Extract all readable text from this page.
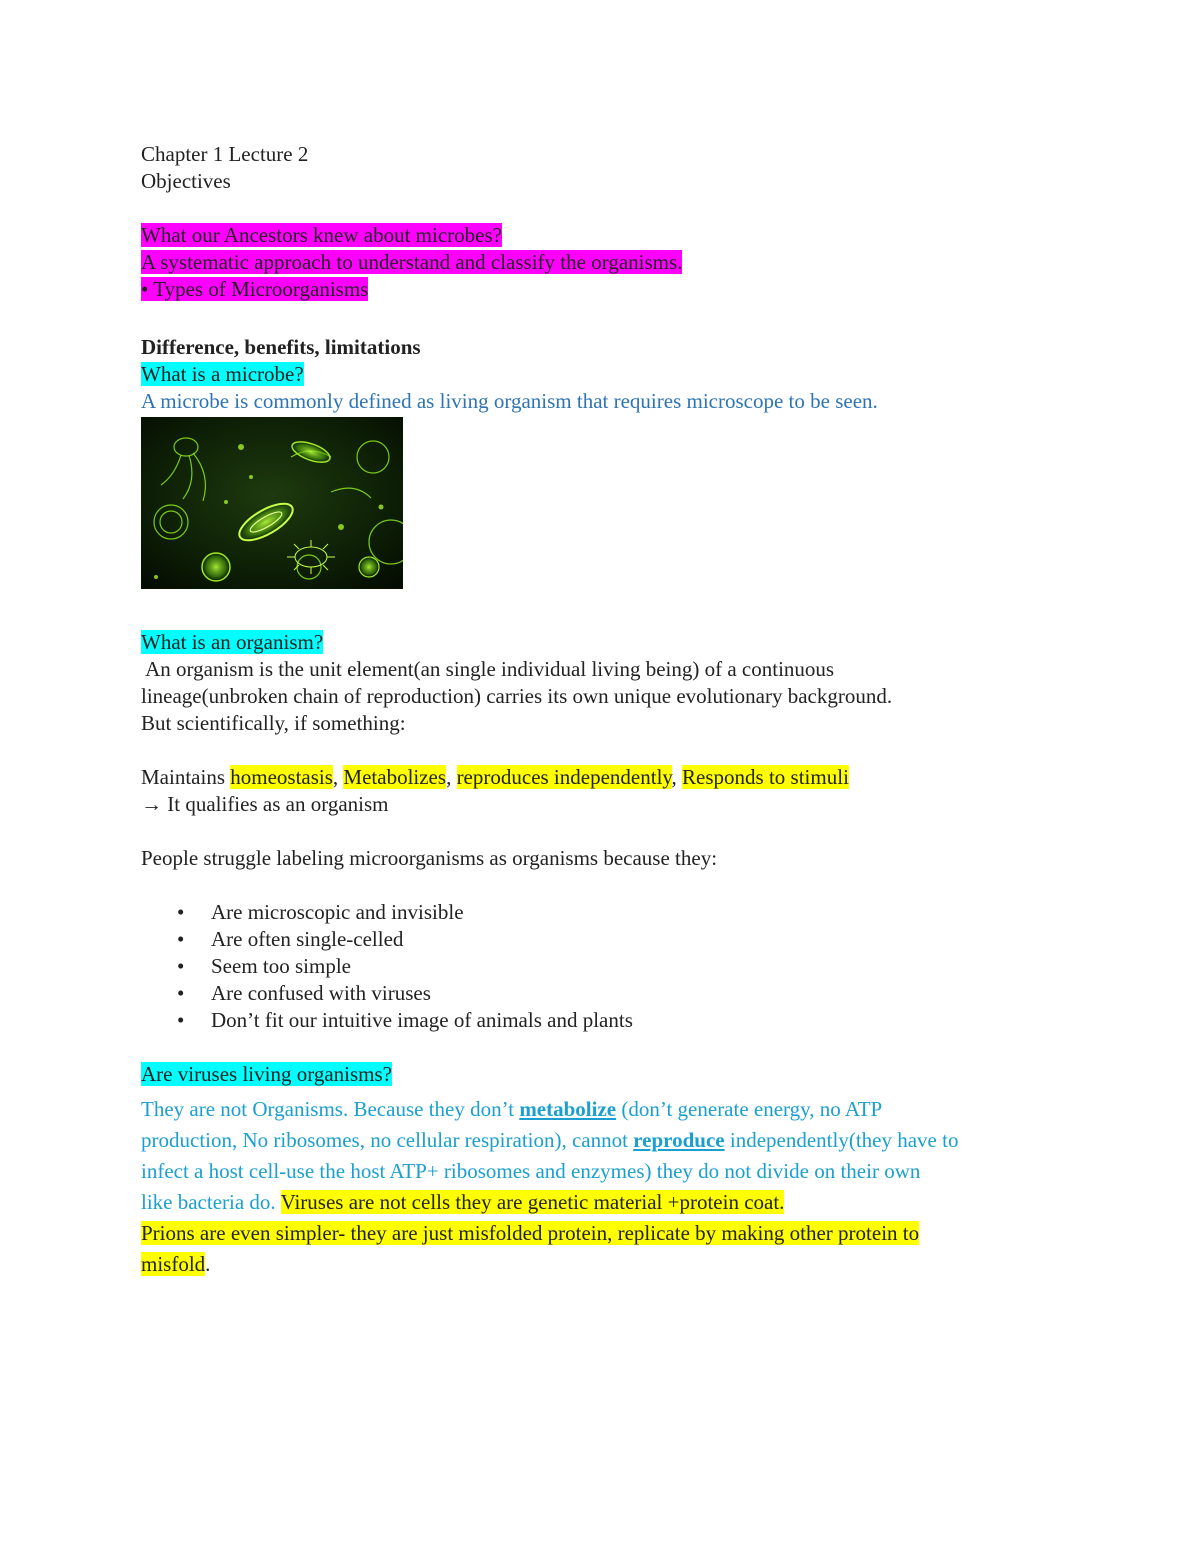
Chapter 1 Lecture 2
Objectives
What our Ancestors knew about microbes?
A systematic approach to understand and classify the organisms.
• Types of Microorganisms
Difference, benefits, limitations
What is a microbe?
A microbe is commonly defined as living organism that requires microscope to be seen.
What is an organism?
An organism is the unit element(an single individual living being) of a continuous
lineage(unbroken chain of reproduction) carries its own unique evolutionary background.
But scientifically, if something:
Maintains homeostasis, Metabolizes, reproduces independently, Responds to stimuli
→ It qualifies as an organism
People struggle labeling microorganisms as organisms because they:
• Are microscopic and invisible
• Are often single-celled
• Seem too simple
• Are confused with viruses
• Don’t fit our intuitive image of animals and plants
Are viruses living organisms?
They are not Organisms. Because they don’t metabolize (don’t generate energy, no ATP
production, No ribosomes, no cellular respiration), cannot reproduce independently(they have to
infect a host cell-use the host ATP+ ribosomes and enzymes) they do not divide on their own
like bacteria do. Viruses are not cells they are genetic material +protein coat.
Prions are even simpler- they are just misfolded protein, replicate by making other protein to
misfold.
